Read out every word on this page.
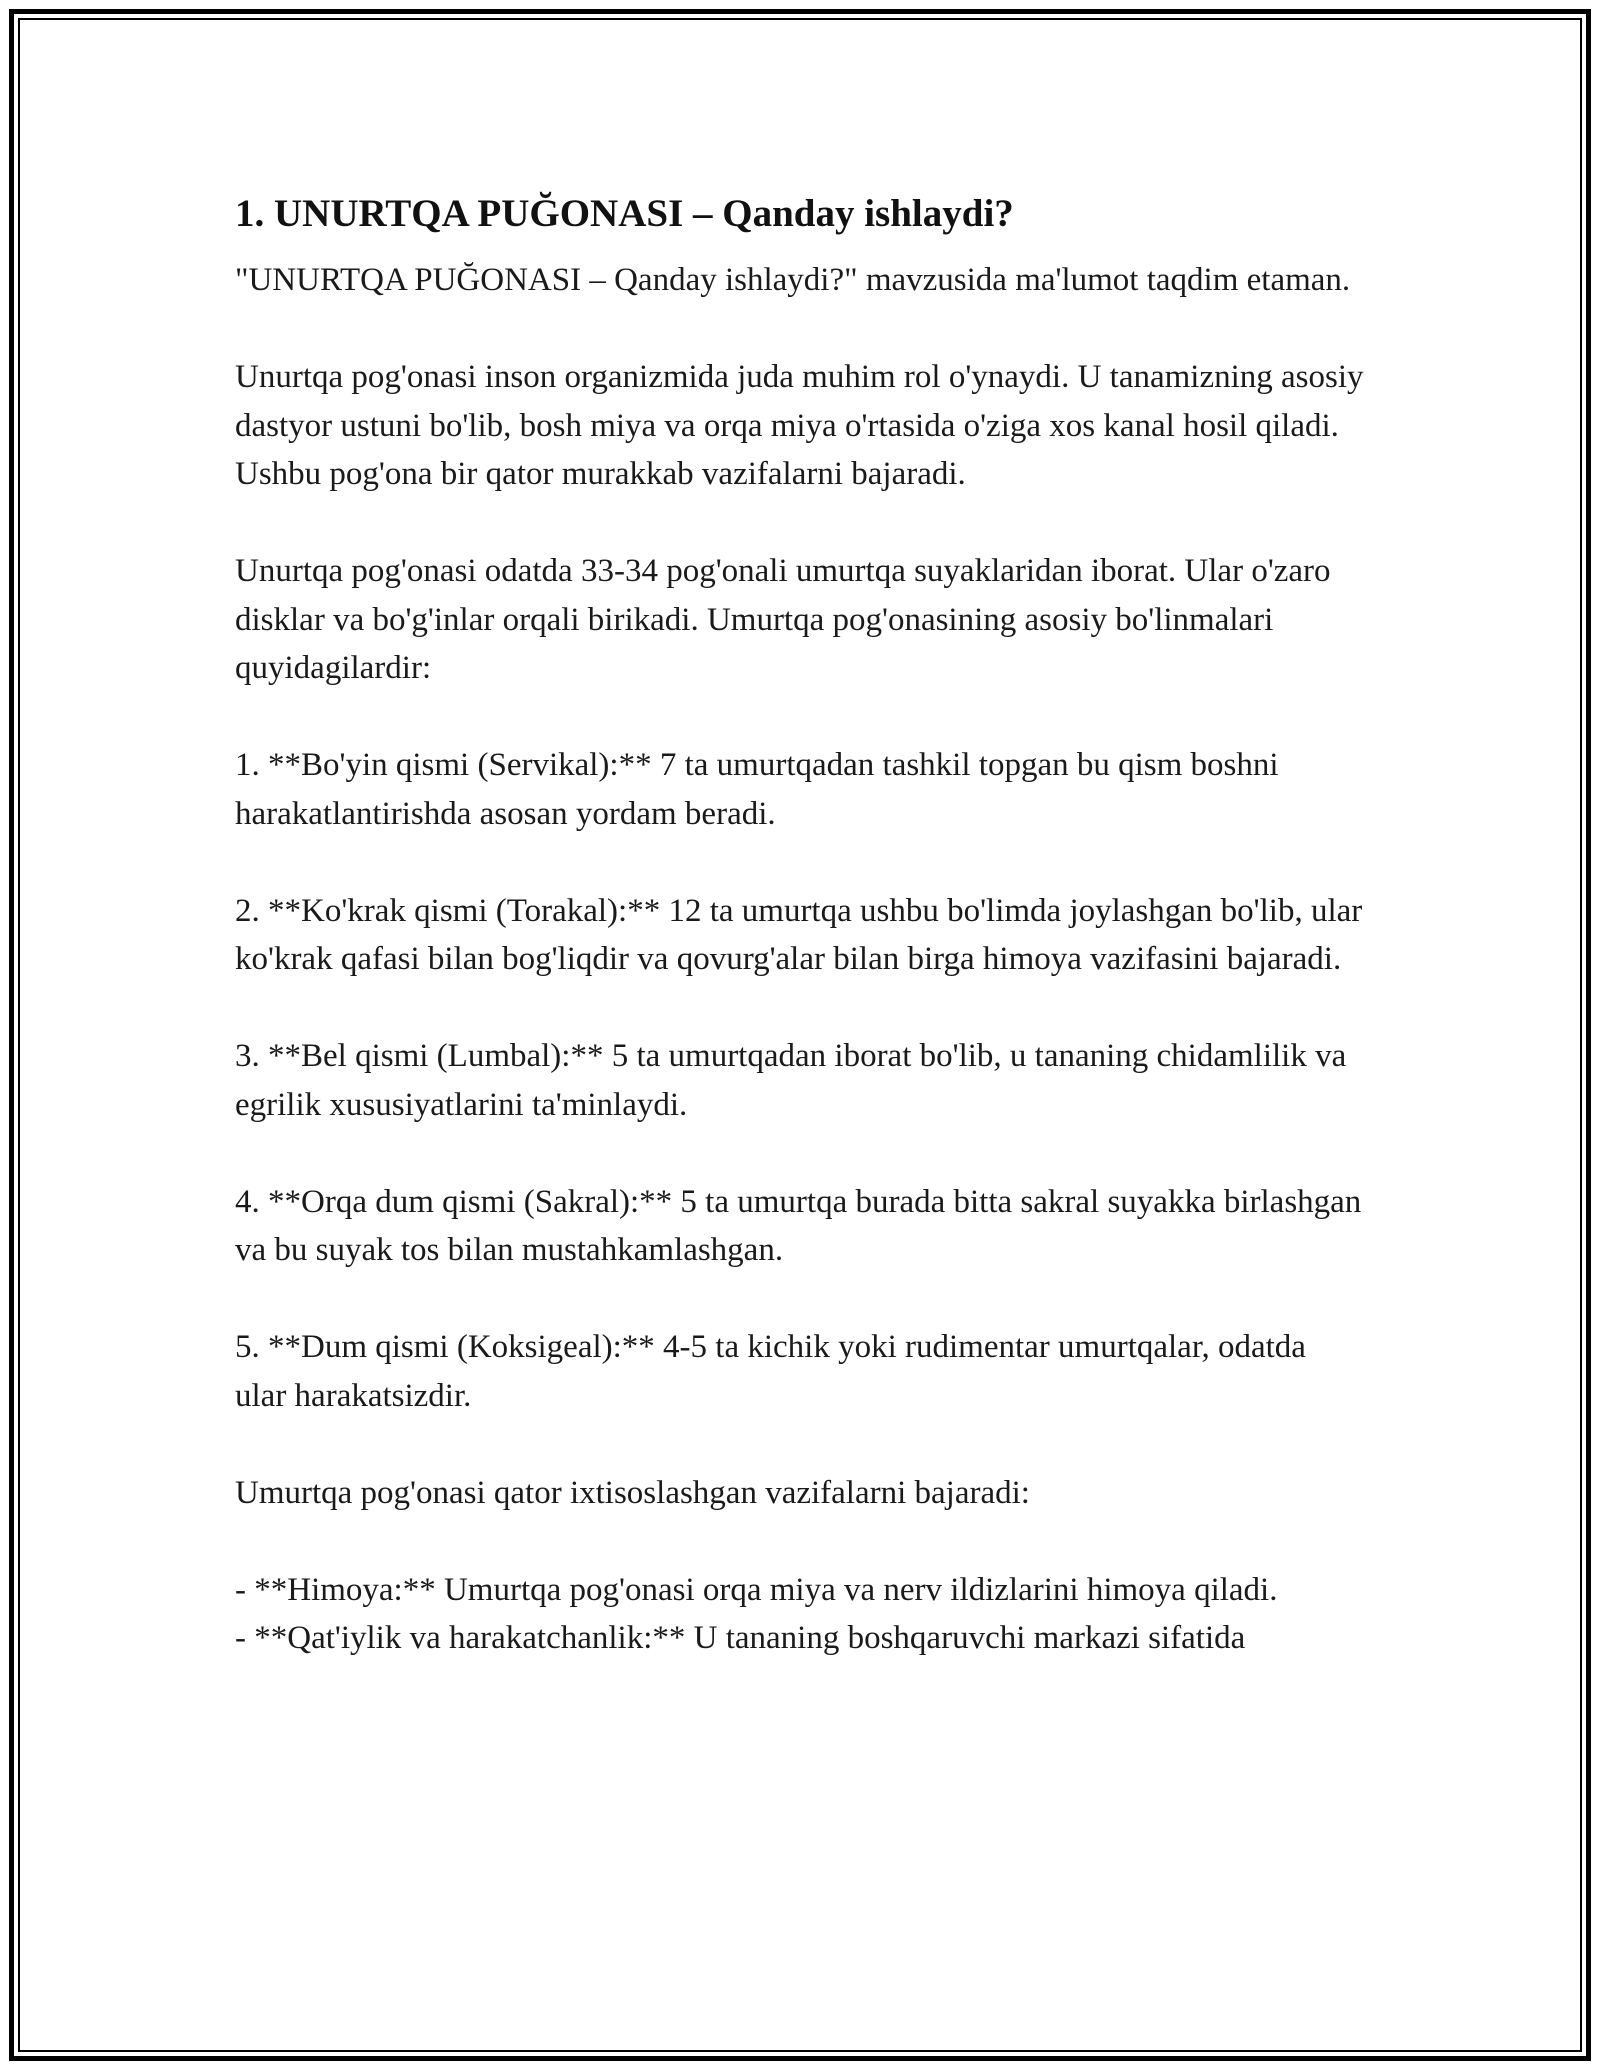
1. UNURTQA PUĞONASI – Qanday ishlaydi?

"UNURTQA PUĞONASI – Qanday ishlaydi?" mavzusida ma'lumot taqdim etaman.

Unurtqa pog'onasi inson organizmida juda muhim rol o'ynaydi. U tanamizning asosiy dastyor ustuni bo'lib, bosh miya va orqa miya o'rtasida o'ziga xos kanal hosil qiladi. Ushbu pog'ona bir qator murakkab vazifalarni bajaradi.

Unurtqa pog'onasi odatda 33-34 pog'onali umurtqa suyaklaridan iborat. Ular o'zaro disklar va bo'g'inlar orqali birikadi. Umurtqa pog'onasining asosiy bo'linmalari quyidagilardir:

1. **Bo'yin qismi (Servikal):** 7 ta umurtqadan tashkil topgan bu qism boshni harakatlantirishda asosan yordam beradi.

2. **Ko'krak qismi (Torakal):** 12 ta umurtqa ushbu bo'limda joylashgan bo'lib, ular ko'krak qafasi bilan bog'liqdir va qovurg'alar bilan birga himoya vazifasini bajaradi.

3. **Bel qismi (Lumbal):** 5 ta umurtqadan iborat bo'lib, u tananing chidamlilik va egrilik xususiyatlarini ta'minlaydi.

4. **Orqa dum qismi (Sakral):** 5 ta umurtqa burada bitta sakral suyakka birlashgan va bu suyak tos bilan mustahkamlashgan.

5. **Dum qismi (Koksigeal):** 4-5 ta kichik yoki rudimentar umurtqalar, odatda ular harakatsizdir.

Umurtqa pog'onasi qator ixtisoslashgan vazifalarni bajaradi:

- **Himoya:** Umurtqa pog'onasi orqa miya va nerv ildizlarini himoya qiladi.

- **Qat'iylik va harakatchanlik:** U tananing boshqaruvchi markazi sifatida
